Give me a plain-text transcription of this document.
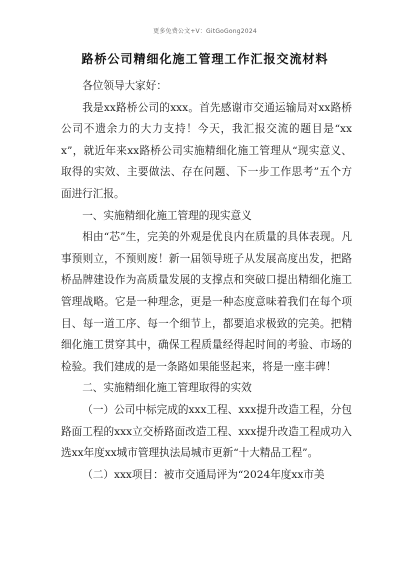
更多免费公文+V：GitGoGong2024
路桥公司精细化施工管理工作汇报交流材料

各位领导大家好：

我是xx路桥公司的xxx。首先感谢市交通运输局对xx路桥公司不遗余力的大力支持！今天，我汇报交流的题目是“xxx”，就近年来xx路桥公司实施精细化施工管理从“现实意义、取得的实效、主要做法、存在问题、下一步工作思考”五个方面进行汇报。

一、实施精细化施工管理的现实意义

相由“芯”生，完美的外观是优良内在质量的具体表现。凡事预则立，不预则废！新一届领导班子从发展高度出发，把路桥品牌建设作为高质量发展的支撑点和突破口提出精细化施工管理战略。它是一种理念，更是一种态度意味着我们在每个项目、每一道工序、每一个细节上，都要追求极致的完美。把精细化施工贯穿其中，确保工程质量经得起时间的考验、市场的检验。我们建成的是一条路如果能竖起来，将是一座丰碑！

二、实施精细化施工管理取得的实效

（一）公司中标完成的xxx工程、xxx提升改造工程，分包路面工程的xxx立交桥路面改造工程、xxx提升改造工程成功入选xx年度xx城市管理执法局城市更新“十大精品工程”。

（二）xxx项目：被市交通局评为“2024年度xx市美
